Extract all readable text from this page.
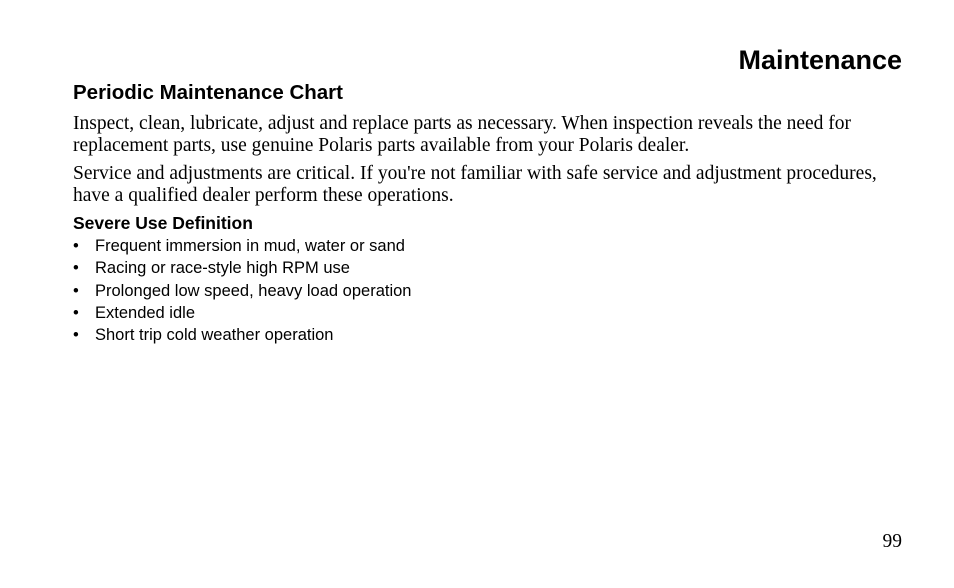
Maintenance
Periodic Maintenance Chart

Inspect, clean, lubricate, adjust and replace parts as necessary. When inspection reveals the need for replacement parts, use genuine Polaris parts available from your Polaris dealer.

Service and adjustments are critical. If you're not familiar with safe service and adjustment procedures, have a qualified dealer perform these operations.

Severe Use Definition
• Frequent immersion in mud, water or sand
• Racing or race-style high RPM use
• Prolonged low speed, heavy load operation
• Extended idle
• Short trip cold weather operation

99
